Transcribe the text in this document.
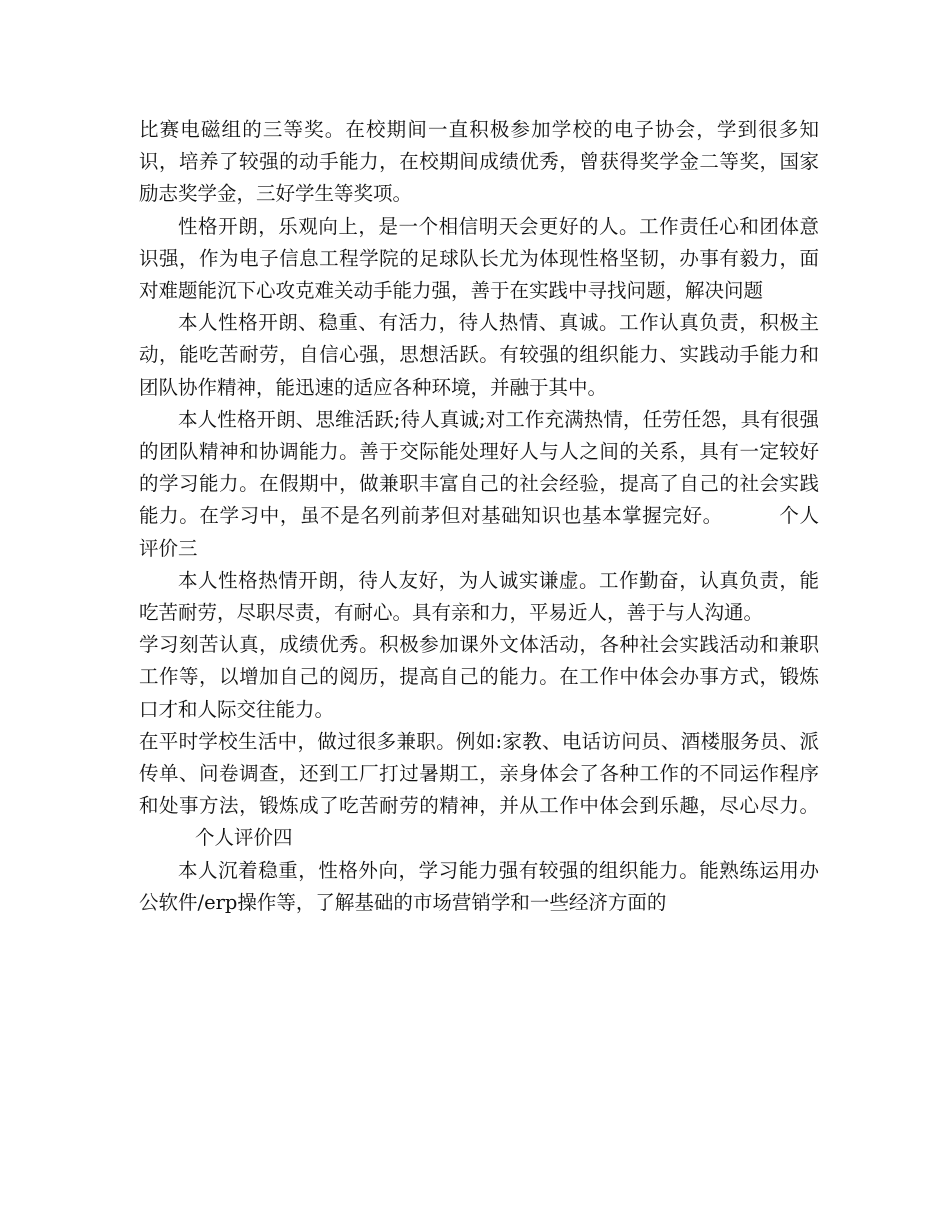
比赛电磁组的三等奖。在校期间一直积极参加学校的电子协会，学到很多知识，培养了较强的动手能力，在校期间成绩优秀，曾获得奖学金二等奖，国家励志奖学金，三好学生等奖项。

性格开朗，乐观向上，是一个相信明天会更好的人。工作责任心和团体意识强，作为电子信息工程学院的足球队长尤为体现性格坚韧，办事有毅力，面对难题能沉下心攻克难关动手能力强，善于在实践中寻找问题，解决问题

本人性格开朗、稳重、有活力，待人热情、真诚。工作认真负责，积极主动，能吃苦耐劳，自信心强，思想活跃。有较强的组织能力、实践动手能力和团队协作精神，能迅速的适应各种环境，并融于其中。

本人性格开朗、思维活跃;待人真诚;对工作充满热情，任劳任怨，具有很强的团队精神和协调能力。善于交际能处理好人与人之间的关系，具有一定较好的学习能力。在假期中，做兼职丰富自己的社会经验，提高了自己的社会实践能力。在学习中，虽不是名列前茅但对基础知识也基本掌握完好。	个人评价三

本人性格热情开朗，待人友好，为人诚实谦虚。工作勤奋，认真负责，能吃苦耐劳，尽职尽责，有耐心。具有亲和力，平易近人，善于与人沟通。

学习刻苦认真，成绩优秀。积极参加课外文体活动，各种社会实践活动和兼职工作等，以增加自己的阅历，提高自己的能力。在工作中体会办事方式，锻炼口才和人际交往能力。

在平时学校生活中，做过很多兼职。例如:家教、电话访问员、酒楼服务员、派传单、问卷调查，还到工厂打过暑期工，亲身体会了各种工作的不同运作程序和处事方法，锻炼成了吃苦耐劳的精神，并从工作中体会到乐趣，尽心尽力。个人评价四

本人沉着稳重，性格外向，学习能力强有较强的组织能力。能熟练运用办公软件/erp操作等，了解基础的市场营销学和一些经济方面的
